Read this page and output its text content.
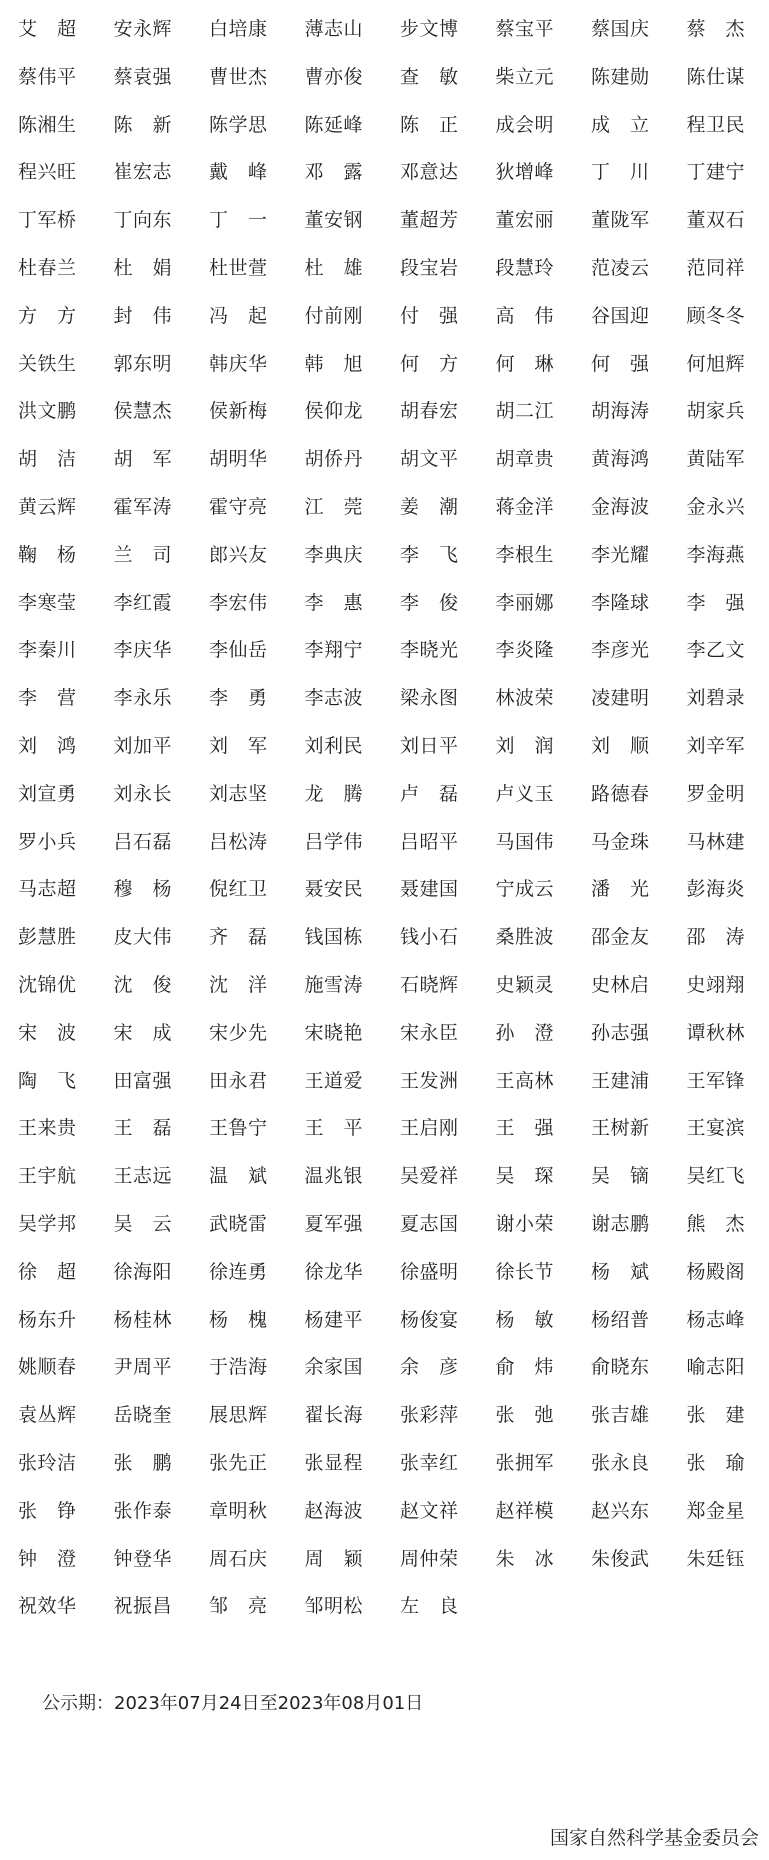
艾　超	安永辉	白培康	薄志山	步文博	蔡宝平	蔡国庆	蔡　杰
蔡伟平	蔡袁强	曹世杰	曹亦俊	查　敏	柴立元	陈建勋	陈仕谋
陈湘生	陈　新	陈学思	陈延峰	陈　正	成会明	成　立	程卫民
程兴旺	崔宏志	戴　峰	邓　露	邓意达	狄增峰	丁　川	丁建宁
丁军桥	丁向东	丁　一	董安钢	董超芳	董宏丽	董陇军	董双石
杜春兰	杜　娟	杜世萱	杜　雄	段宝岩	段慧玲	范凌云	范同祥
方　方	封　伟	冯　起	付前刚	付　强	高　伟	谷国迎	顾冬冬
关铁生	郭东明	韩庆华	韩　旭	何　方	何　琳	何　强	何旭辉
洪文鹏	侯慧杰	侯新梅	侯仰龙	胡春宏	胡二江	胡海涛	胡家兵
胡　洁	胡　军	胡明华	胡侨丹	胡文平	胡章贵	黄海鸿	黄陆军
黄云辉	霍军涛	霍守亮	江　莞	姜　潮	蒋金洋	金海波	金永兴
鞠　杨	兰　司	郎兴友	李典庆	李　飞	李根生	李光耀	李海燕
李寒莹	李红霞	李宏伟	李　惠	李　俊	李丽娜	李隆球	李　强
李秦川	李庆华	李仙岳	李翔宁	李晓光	李炎隆	李彦光	李乙文
李　营	李永乐	李　勇	李志波	梁永图	林波荣	凌建明	刘碧录
刘　鸿	刘加平	刘　军	刘利民	刘日平	刘　润	刘　顺	刘辛军
刘宣勇	刘永长	刘志坚	龙　腾	卢　磊	卢义玉	路德春	罗金明
罗小兵	吕石磊	吕松涛	吕学伟	吕昭平	马国伟	马金珠	马林建
马志超	穆　杨	倪红卫	聂安民	聂建国	宁成云	潘　光	彭海炎
彭慧胜	皮大伟	齐　磊	钱国栋	钱小石	桑胜波	邵金友	邵　涛
沈锦优	沈　俊	沈　洋	施雪涛	石晓辉	史颖灵	史林启	史翊翔
宋　波	宋　成	宋少先	宋晓艳	宋永臣	孙　澄	孙志强	谭秋林
陶　飞	田富强	田永君	王道爱	王发洲	王高林	王建浦	王军锋
王来贵	王　磊	王鲁宁	王　平	王启刚	王　强	王树新	王宴滨
王宇航	王志远	温　斌	温兆银	吴爱祥	吴　琛	吴　镝	吴红飞
吴学邦	吴　云	武晓雷	夏军强	夏志国	谢小荣	谢志鹏	熊　杰
徐　超	徐海阳	徐连勇	徐龙华	徐盛明	徐长节	杨　斌	杨殿阁
杨东升	杨桂林	杨　槐	杨建平	杨俊宴	杨　敏	杨绍普	杨志峰
姚顺春	尹周平	于浩海	余家国	余　彦	俞　炜	俞晓东	喻志阳
袁丛辉	岳晓奎	展思辉	翟长海	张彩萍	张　弛	张吉雄	张　建
张玲洁	张　鹏	张先正	张显程	张幸红	张拥军	张永良	张　瑜
张　铮	张作泰	章明秋	赵海波	赵文祥	赵祥模	赵兴东	郑金星
钟　澄	钟登华	周石庆	周　颖	周仲荣	朱　冰	朱俊武	朱廷钰
祝效华	祝振昌	邹　亮	邹明松	左　良
公示期：2023年07月24日至2023年08月01日
国家自然科学基金委员会
